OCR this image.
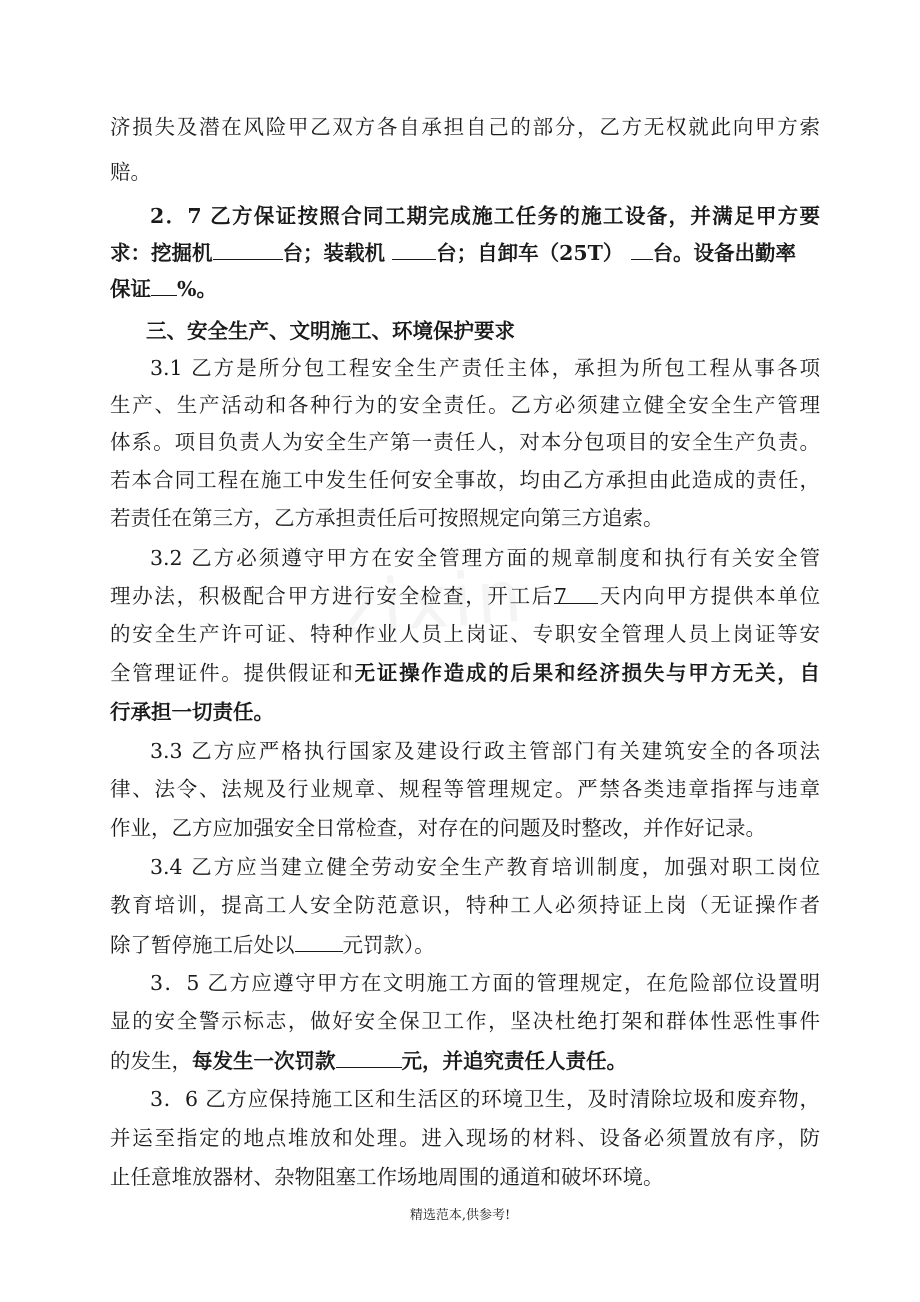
济损失及潜在风险甲乙双方各自承担自己的部分，乙方无权就此向甲方索
赔。
2．7 乙方保证按照合同工期完成施工任务的施工设备，并满足甲方要
求：挖掘机	台；装载机 台；自卸车（25T） 台。设备出勤率
保证 %。
三、安全生产、文明施工、环境保护要求
3.1 乙方是所分包工程安全生产责任主体，承担为所包工程从事各项
生产、生产活动和各种行为的安全责任。乙方必须建立健全安全生产管理
体系。项目负责人为安全生产第一责任人，对本分包项目的安全生产负责。
若本合同工程在施工中发生任何安全事故，均由乙方承担由此造成的责任，
若责任在第三方，乙方承担责任后可按照规定向第三方追索。
3.2 乙方必须遵守甲方在安全管理方面的规章制度和执行有关安全管
理办法，积极配合甲方进行安全检查，开工后7 天内向甲方提供本单位
的安全生产许可证、特种作业人员上岗证、专职安全管理人员上岗证等安
全管理证件。提供假证和无证操作造成的后果和经济损失与甲方无关，自
行承担一切责任。
3.3 乙方应严格执行国家及建设行政主管部门有关建筑安全的各项法
律、法令、法规及行业规章、规程等管理规定。严禁各类违章指挥与违章
作业，乙方应加强安全日常检查，对存在的问题及时整改，并作好记录。
3.4 乙方应当建立健全劳动安全生产教育培训制度，加强对职工岗位
教育培训，提高工人安全防范意识，特种工人必须持证上岗（无证操作者
除了暂停施工后处以 元罚款）。
3．5 乙方应遵守甲方在文明施工方面的管理规定，在危险部位设置明
显的安全警示标志，做好安全保卫工作，坚决杜绝打架和群体性恶性事件
的发生，每发生一次罚款	元，并追究责任人责任。
3．6 乙方应保持施工区和生活区的环境卫生，及时清除垃圾和废弃物，
并运至指定的地点堆放和处理。进入现场的材料、设备必须置放有序，防
止任意堆放器材、杂物阻塞工作场地周围的通道和破坏环境。
精选范本,供参考!
